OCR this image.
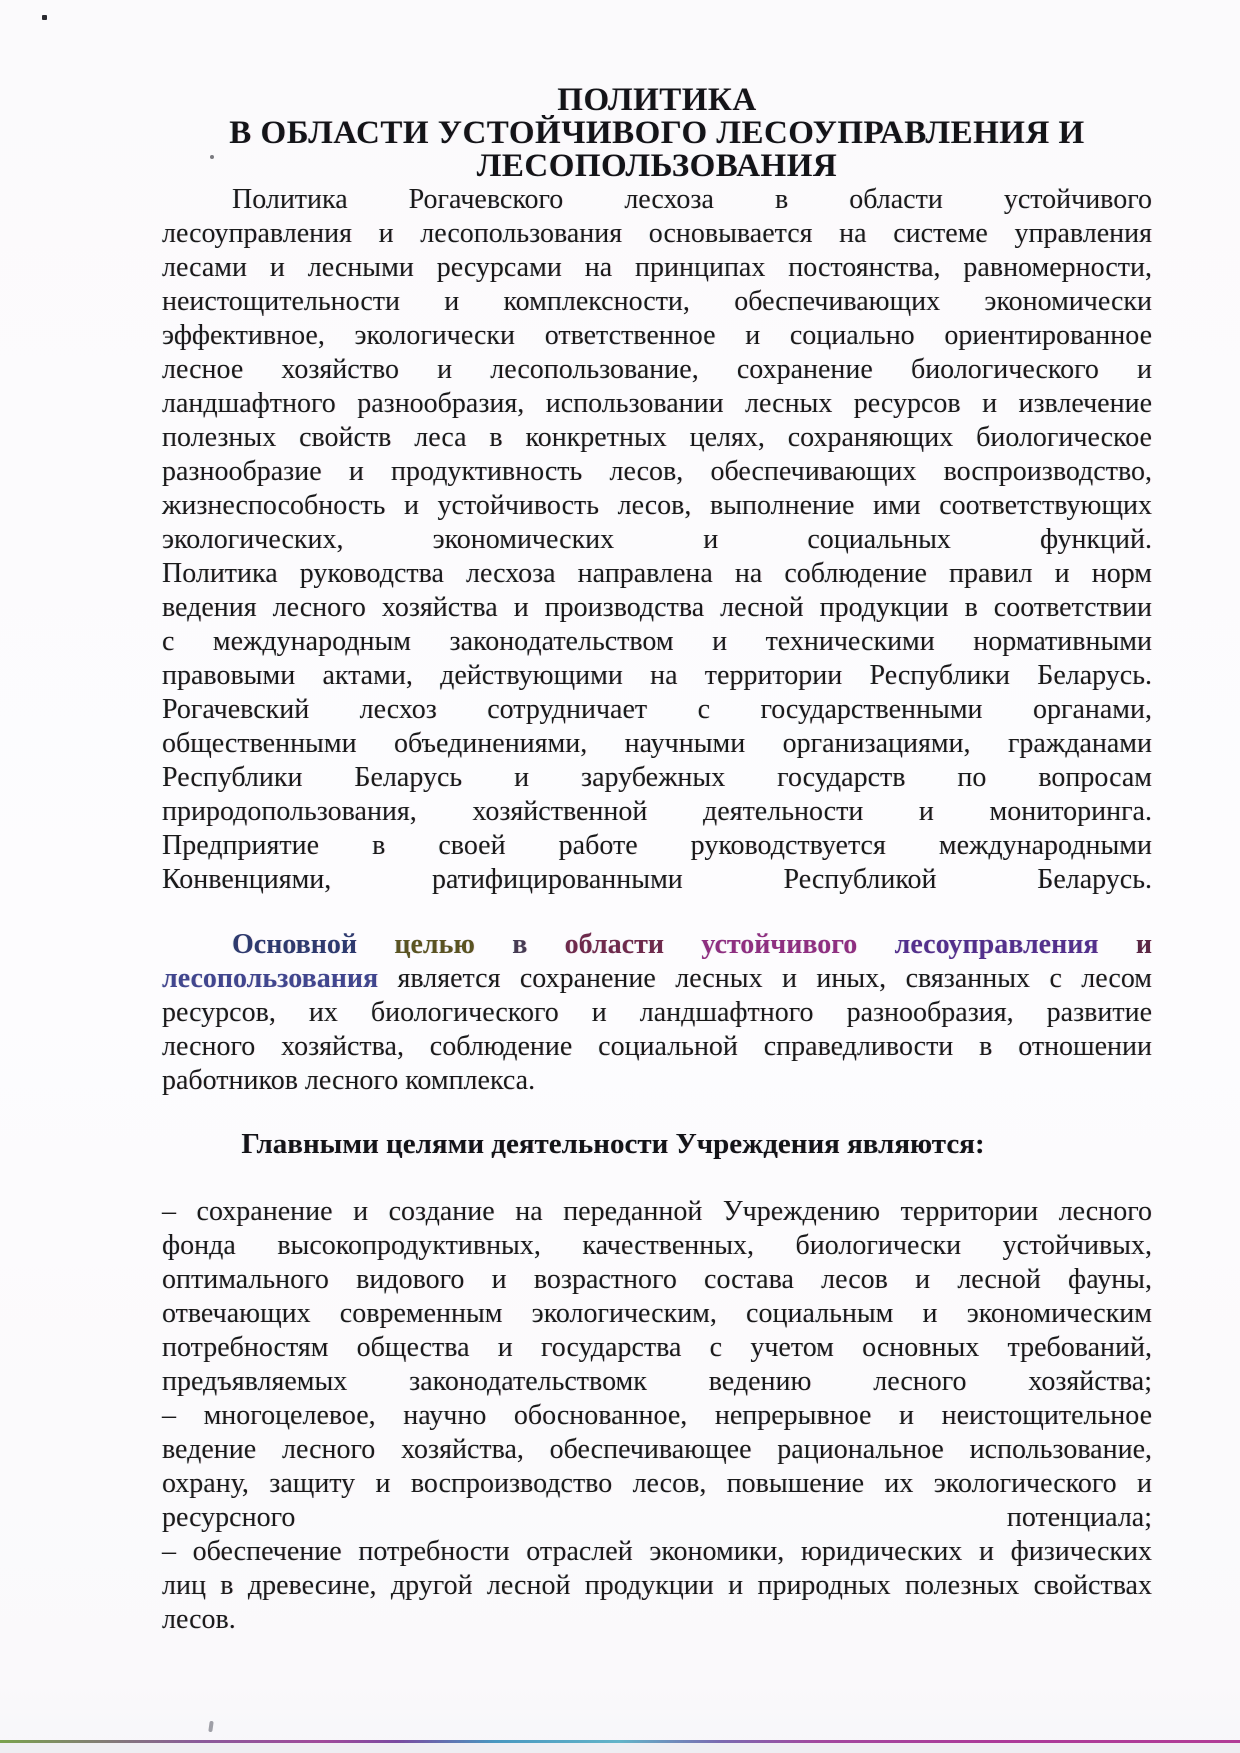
ПОЛИТИКА
В ОБЛАСТИ УСТОЙЧИВОГО ЛЕСОУПРАВЛЕНИЯ И
ЛЕСОПОЛЬЗОВАНИЯ
Политика Рогачевского лесхоза в области устойчивого
лесоуправления и лесопользования основывается на системе управления
лесами и лесными ресурсами на принципах постоянства, равномерности,
неистощительности и комплексности, обеспечивающих экономически
эффективное, экологически ответственное и социально ориентированное
лесное хозяйство и лесопользование, сохранение биологического и
ландшафтного разнообразия, использовании лесных ресурсов и извлечение
полезных свойств леса в конкретных целях, сохраняющих биологическое
разнообразие и продуктивность лесов, обеспечивающих воспроизводство,
жизнеспособность и устойчивость лесов, выполнение ими соответствующих
экологических, экономических и социальных функций.
Политика руководства лесхоза направлена на соблюдение правил и норм
ведения лесного хозяйства и производства лесной продукции в соответствии
с международным законодательством и техническими нормативными
правовыми актами, действующими на территории Республики Беларусь.
Рогачевский лесхоз сотрудничает с государственными органами,
общественными объединениями, научными организациями, гражданами
Республики Беларусь и зарубежных государств по вопросам
природопользования, хозяйственной деятельности и мониторинга.
Предприятие в своей работе руководствуется международными
Конвенциями, ратифицированными Республикой Беларусь.
Основной целью в области устойчивого лесоуправления и
лесопользования является сохранение лесных и иных, связанных с лесом
ресурсов, их биологического и ландшафтного разнообразия, развитие
лесного хозяйства, соблюдение социальной справедливости в отношении
работников лесного комплекса.
Главными целями деятельности Учреждения являются:
– сохранение и создание на переданной Учреждению территории лесного
фонда высокопродуктивных, качественных, биологически устойчивых,
оптимального видового и возрастного состава лесов и лесной фауны,
отвечающих современным экологическим, социальным и экономическим
потребностям общества и государства с учетом основных требований,
предъявляемых законодательствомк ведению лесного хозяйства;
– многоцелевое, научно обоснованное, непрерывное и неистощительное
ведение лесного хозяйства, обеспечивающее рациональное использование,
охрану, защиту и воспроизводство лесов, повышение их экологического и
ресурсного потенциала;
– обеспечение потребности отраслей экономики, юридических и физических
лиц в древесине, другой лесной продукции и природных полезных свойствах
лесов.
